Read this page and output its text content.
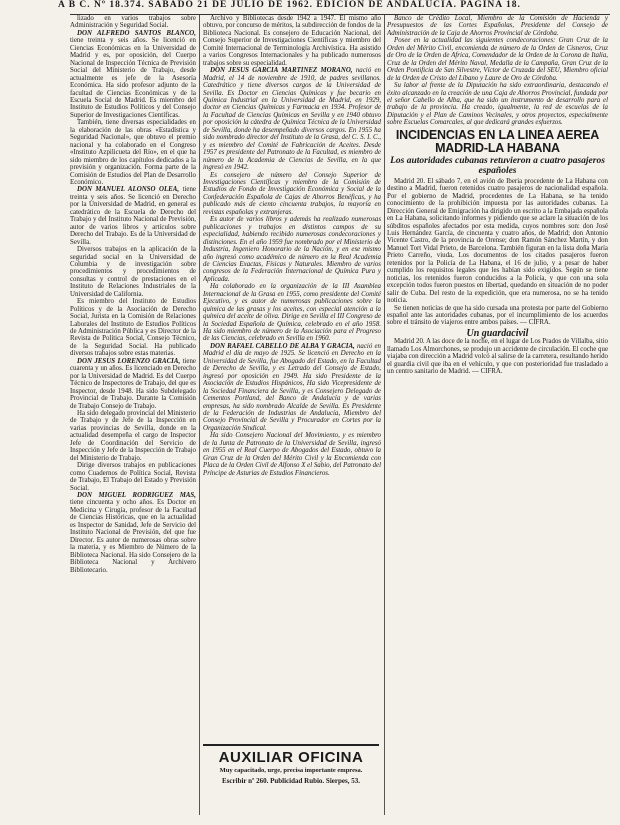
A B C. Nº 18.374. SABADO 21 DE JULIO DE 1962. EDICION DE ANDALUCIA. PAGINA 18.

lizado en varios trabajos sobre Administración y Seguridad Social.

DON ALFREDO SANTOS BLANCO, tiene treinta y seis años. Se licenció en Ciencias Económicas en la Universidad de Madrid y es, por oposición, del Cuerpo Nacional de Inspección Técnica de Previsión Social del Ministerio de Trabajo, desde actualmente es jefe de la Asesoría Económica. Ha sido profesor adjunto de la facultad de Ciencias Económicas y de la Escuela Social de Madrid. Es miembro del Instituto de Estudios Políticos y del Consejo Superior de Investigaciones Científicas.

También, tiene diversas especialidades en la elaboración de las obras «Estadística y Seguridad Nacional», que obtuvo el premio nacional y ha colaborado en el Congreso «Instituto Azpilicueta del Río», en el que ha sido miembro de los capítulos dedicados a la previsión y organización. Forma parte de la Comisión de Estudios del Plan de Desarrollo Económico.

DON MANUEL ALONSO OLEA, tiene treinta y seis años. Se licenció en Derecho por la Universidad de Madrid, en general es catedrático de la Escuela de Derecho del Trabajo y del Instituto Nacional de Previsión, autor de varios libros y artículos sobre Derecho del Trabajo. Es de la Universidad de Sevilla.

Diversos trabajos en la aplicación de la seguridad social en la Universidad de Columbia y de investigación sobre procedimientos y procedimientos de consultas y control de prestaciones en el Instituto de Relaciones Industriales de la Universidad de California.

Es miembro del Instituto de Estudios Políticos y de la Asociación de Derecho Social, Jurista en la Comisión de Relaciones Laborales del Instituto de Estudios Políticos de Administración Pública y es Director de la Revista de Política Social, Consejo Técnico, de la Seguridad Social. Ha publicado diversos trabajos sobre estas materias.

DON JESUS LORENZO GRACIA, tiene cuarenta y un años. Es licenciado en Derecho por la Universidad de Madrid. Es del Cuerpo Técnico de Inspectores de Trabajo, del que es Inspector, desde 1948. Ha sido Subdelegado Provincial de Trabajo. Durante la Comisión de Trabajo Consejo de Trabajo.

Ha sido delegado provincial del Ministerio de Trabajo y de Jefe de la Inspección en varias provincias de Sevilla, donde en la actualidad desempeña el cargo de Inspector Jefe de Coordinación del Servicio de Inspección y Jefe de la Inspección de Trabajo del Ministerio de Trabajo.

Dirige diversos trabajos en publicaciones como Cuadernos de Política Social, Revista de Trabajo, El Trabajo del Estado y Previsión Social.

DON MIGUEL RODRIGUEZ MAS, tiene cincuenta y ocho años. Es Doctor en Medicina y Cirugía, profesor de la Facultad de Ciencias Históricas, que en la actualidad es Inspector de Sanidad, Jefe de Servicio del Instituto Nacional de Previsión, del que fue Director. Es autor de numerosas obras sobre la materia, y es Miembro de Número de la Biblioteca Nacional. Ha sido Consejero de la Biblioteca Nacional y Archivero Bibliotecario.

Archivo y Bibliotecas desde 1942 a 1947. El mismo año obtuvo, por concurso de méritos, la subdirección de fondos de la Biblioteca Nacional. Es consejero de Educación Nacional, del Consejo Superior de Investigaciones Científicas y miembro del Comité Internacional de Terminología Archivística. Ha asistido a varios Congresos Internacionales y ha publicado numerosos trabajos sobre su especialidad.

DON JESUS GARCIA MARTINEZ MORANO, nació en Madrid, el 14 de noviembre de 1910, de padres sevillanos. Catedrático y tiene diversos cargos de la Universidad de Sevilla. Es Doctor en Ciencias Químicas y fue becario en Química Industrial en la Universidad de Madrid, en 1929, doctor en Ciencias Químicas y Farmacia en 1934. Profesor de la Facultad de Ciencias Químicas en Sevilla y en 1940 obtuvo por oposición la cátedra de Química Técnica de la Universidad de Sevilla, donde ha desempeñado diversos cargos. En 1955 ha sido nombrado director del Instituto de la Grasa, del C. S. I. C., y es miembro del Comité de Fabricación de Aceites. Desde 1957 es presidente del Patronato de la Facultad, es miembro de número de la Academia de Ciencias de Sevilla, en la que ingresó en 1942.

Es consejero de número del Consejo Superior de Investigaciones Científicas y miembro de la Comisión de Estudios de Fondo de Investigación Económica y Social de la Confederación Española de Cajas de Ahorros Benéficas, y ha publicado más de ciento cincuenta trabajos, la mayoría en revistas españolas y extranjeras.

Es autor de varios libros y además ha realizado numerosas publicaciones y trabajos en distintos campos de su especialidad, habiendo recibido numerosas condecoraciones y distinciones. En el año 1959 fue nombrado por el Ministerio de Industria, Ingeniero Honorario de la Nación, y en ese mismo año ingresó como académico de número en la Real Academia de Ciencias Exactas, Físicas y Naturales. Miembro de varios congresos de la Federación Internacional de Química Pura y Aplicada.

Ha colaborado en la organización de la III Asamblea Internacional de la Grasa en 1955, como presidente del Comité Ejecutivo, y es autor de numerosas publicaciones sobre la química de las grasas y los aceites, con especial atención a la química del aceite de oliva. Dirige en Sevilla el III Congreso de la Sociedad Española de Química, celebrado en el año 1958. Ha sido miembro de número de la Asociación para el Progreso de las Ciencias, celebrado en Sevilla en 1960.

DON RAFAEL CABELLO DE ALBA Y GRACIA, nació en Madrid el día de mayo de 1925. Se licenció en Derecho en la Universidad de Sevilla, fue Abogado del Estado, en la Facultad de Derecho de Sevilla, y es Letrado del Consejo de Estado, ingresó por oposición en 1949. Ha sido Presidente de la Asociación de Estudios Hispánicos, Ha sido Vicepresidente de la Sociedad Financiera de Sevilla, y es Consejero Delegado de Cementos Portland, del Banco de Andalucía y de varias empresas, ha sido nombrado Alcalde de Sevilla. Es Presidente de la Federación de Industrias de Andalucía, Miembro del Consejo Provincial de Sevilla y Procurador en Cortes por la Organización Sindical.

Ha sido Consejero Nacional del Movimiento, y es miembro de la Junta de Patronato de la Universidad de Sevilla, ingresó en 1955 en el Real Cuerpo de Abogados del Estado, obtuvo la Gran Cruz de la Orden del Mérito Civil y la Encomienda con Placa de la Orden Civil de Alfonso X el Sabio, del Patronato del Príncipe de Asturias de Estudios Financieros.

AUXILIAR OFICINA
Muy capacitado, urge, precisa importante empresa.
Escribir nº 260. Publicidad Rubio. Sierpes, 53.

Banco de Crédito Local, Miembro de la Comisión de Hacienda y Presupuestos de las Cortes Españolas, Presidente del Consejo de Administración de la Caja de Ahorros Provincial de Córdoba.

Posee en la actualidad las siguientes condecoraciones: Gran Cruz de la Orden del Mérito Civil, encomienda de número de la Orden de Cisneros, Cruz de Oro de la Orden de Africa, Comendador de la Orden de la Corona de Italia, Cruz de la Orden del Mérito Naval, Medalla de la Campaña, Gran Cruz de la Orden Pontificia de San Silvestre, Víctor de Cruzada del SEU, Miembro oficial de la Orden de Cristo del Líbano y Laure de Oro de Córdoba.

Su labor al frente de la Diputación ha sido extraordinaria, destacando el éxito alcanzado en la creación de una Caja de Ahorros Provincial, fundada por el señor Cabello de Alba, que ha sido un instrumento de desarrollo para el trabajo de la provincia. Ha creado, igualmente, la red de escuelas de la Diputación y el Plan de Caminos Vecinales, y otros proyectos, especialmente sobre Escuelas Comarcales, al que dedicará grandes esfuerzos.

INCIDENCIAS EN LA LINEA AEREA MADRID-LA HABANA
Los autoridades cubanas retuvieron a cuatro pasajeros españoles

Madrid 20. El sábado 7, en el avión de Iberia procedente de La Habana con destino a Madrid, fueron retenidos cuatro pasajeros de nacionalidad española. Por el gobierno de Madrid, procedentes de La Habana, se ha tenido conocimiento de la prohibición impuesta por las autoridades cubanas. La Dirección General de Emigración ha dirigido un escrito a la Embajada española en La Habana, solicitando informes y pidiendo que se aclare la situación de los súbditos españoles afectados por esta medida, cuyos nombres son: don José Luis Hernández García, de cincuenta y cuatro años, de Madrid; don Antonio Vicente Castro, de la provincia de Orense; don Ramón Sánchez Martín, y don Manuel Tort Vidal Prieto, de Barcelona. También figuran en la lista doña María Prieto Carreño, viuda, Los documentos de los citados pasajeros fueron retenidos por la Policía de La Habana, el 16 de julio, y a pesar de haber cumplido los requisitos legales que les habían sido exigidos. Según se tiene noticias, los retenidos fueron conducidos a la Policía, y que con una sola excepción todos fueron puestos en libertad, quedando en situación de no poder salir de Cuba. Del resto de la expedición, que era numerosa, no se ha tenido noticia.

Se tienen noticias de que ha sido cursada una protesta por parte del Gobierno español ante las autoridades cubanas, por el incumplimiento de los acuerdos sobre el tránsito de viajeros entre ambos países. — CIFRA.

Un guardacivil

Madrid 20. A las doce de la noche, en el lugar de Los Prados de Villalba, sitio llamado Los Almorchones, se produjo un accidente de circulación. El coche que viajaba con dirección a Madrid volcó al salirse de la carretera, resultando herido el guardia civil que iba en el vehículo, y que con posterioridad fue trasladado a un centro sanitario de Madrid. — CIFRA.
